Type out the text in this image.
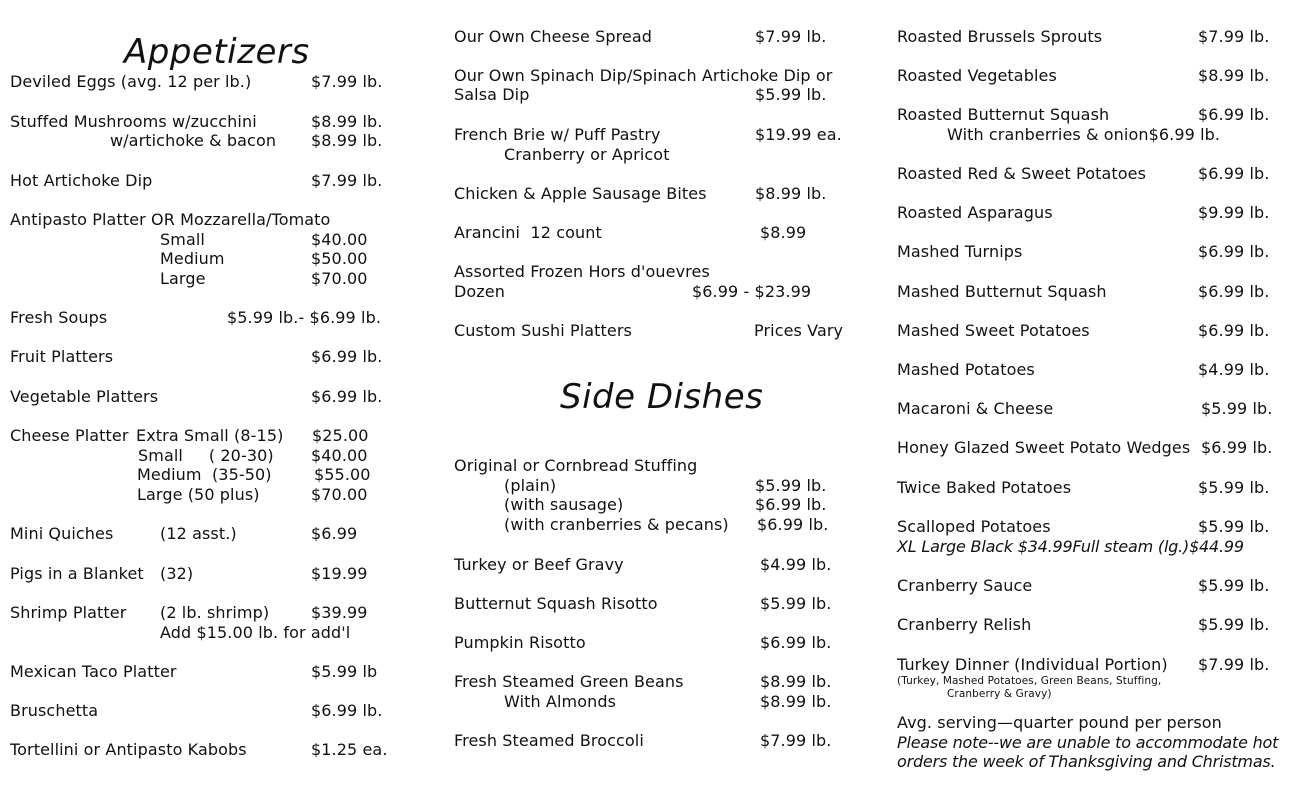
Appetizers
Deviled Eggs (avg. 12 per lb.)	$7.99 lb.
Stuffed Mushrooms w/zucchini	$8.99 lb.
w/artichoke & bacon $8.99 lb.
Hot Artichoke Dip	$7.99 lb.
Antipasto Platter OR Mozzarella/Tomato
Small	$40.00
Medium	$50.00
Large	$70.00
Fresh Soups	$5.99 lb.- $6.99 lb.
Fruit Platters	$6.99 lb.
Vegetable Platters	$6.99 lb.
Cheese Platter Extra Small (8-15) $25.00
Small     ( 20-30) $40.00
Medium  (35-50)	$55.00
Large (50 plus)	$70.00
Mini Quiches	(12 asst.)	$6.99
Pigs in a Blanket (32)	$19.99
Shrimp Platter (2 lb. shrimp)	$39.99
Add $15.00 lb. for add'l
Mexican Taco Platter	$5.99 lb
Bruschetta	$6.99 lb.
Tortellini or Antipasto Kabobs	$1.25 ea.
Our Own Cheese Spread	$7.99 lb.
Our Own Spinach Dip/Spinach Artichoke Dip or
Salsa Dip	$5.99 lb.
French Brie w/ Puff Pastry	$19.99 ea.
Cranberry or Apricot
Chicken & Apple Sausage Bites	$8.99 lb.
Arancini  12 count	$8.99
Assorted Frozen Hors d'ouevres
Dozen	$6.99 - $23.99
Custom Sushi Platters	Prices Vary
Side Dishes
Original or Cornbread Stuffing
(plain)	$5.99 lb.
(with sausage)	$6.99 lb.
(with cranberries & pecans) $6.99 lb.
Turkey or Beef Gravy	$4.99 lb.
Butternut Squash Risotto	$5.99 lb.
Pumpkin Risotto	$6.99 lb.
Fresh Steamed Green Beans	$8.99 lb.
With Almonds	$8.99 lb.
Fresh Steamed Broccoli	$7.99 lb.
Roasted Brussels Sprouts	$7.99 lb.
Roasted Vegetables	$8.99 lb.
Roasted Butternut Squash	$6.99 lb.
With cranberries & onion$6.99 lb.
Roasted Red & Sweet Potatoes	$6.99 lb.
Roasted Asparagus	$9.99 lb.
Mashed Turnips	$6.99 lb.
Mashed Butternut Squash	$6.99 lb.
Mashed Sweet Potatoes	$6.99 lb.
Mashed Potatoes	$4.99 lb.
Macaroni & Cheese	$5.99 lb.
Honey Glazed Sweet Potato Wedges $6.99 lb.
Twice Baked Potatoes	$5.99 lb.
Scalloped Potatoes	$5.99 lb.
XL Large Black $34.99Full steam (lg.)$44.99
Cranberry Sauce	$5.99 lb.
Cranberry Relish	$5.99 lb.
Turkey Dinner (Individual Portion) $7.99 lb.
(Turkey, Mashed Potatoes, Green Beans, Stuffing,
Cranberry & Gravy)
Avg. serving—quarter pound per person
Please note--we are unable to accommodate hot
orders the week of Thanksgiving and Christmas.
